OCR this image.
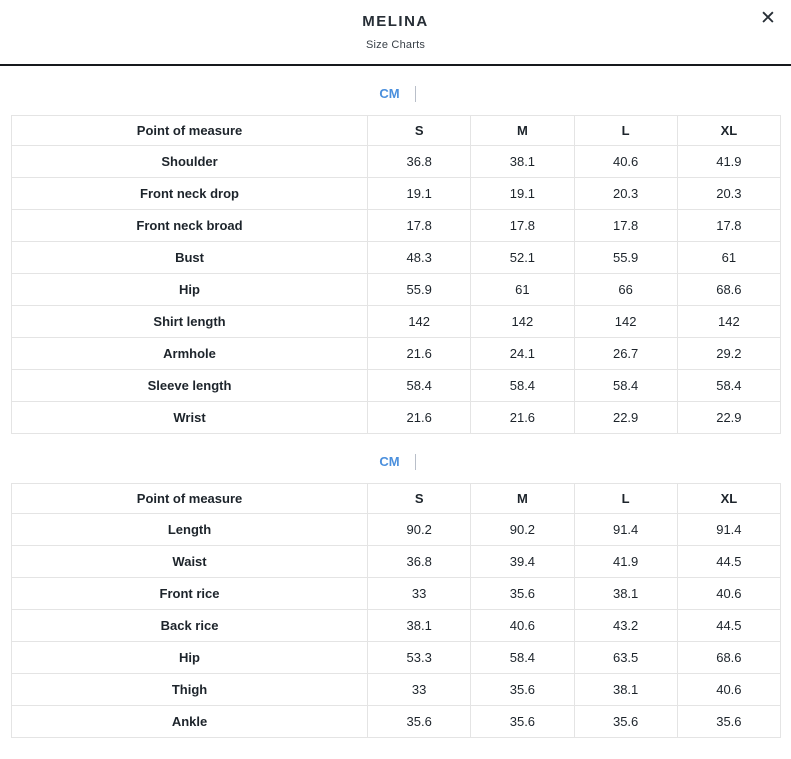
MELINA
Size Charts
✕
CM
Point of measure	S	M	L	XL
Shoulder	36.8	38.1	40.6	41.9
Front neck drop	19.1	19.1	20.3	20.3
Front neck broad	17.8	17.8	17.8	17.8
Bust	48.3	52.1	55.9	61
Hip	55.9	61	66	68.6
Shirt length	142	142	142	142
Armhole	21.6	24.1	26.7	29.2
Sleeve length	58.4	58.4	58.4	58.4
Wrist	21.6	21.6	22.9	22.9
CM
Point of measure	S	M	L	XL
Length	90.2	90.2	91.4	91.4
Waist	36.8	39.4	41.9	44.5
Front rice	33	35.6	38.1	40.6
Back rice	38.1	40.6	43.2	44.5
Hip	53.3	58.4	63.5	68.6
Thigh	33	35.6	38.1	40.6
Ankle	35.6	35.6	35.6	35.6
